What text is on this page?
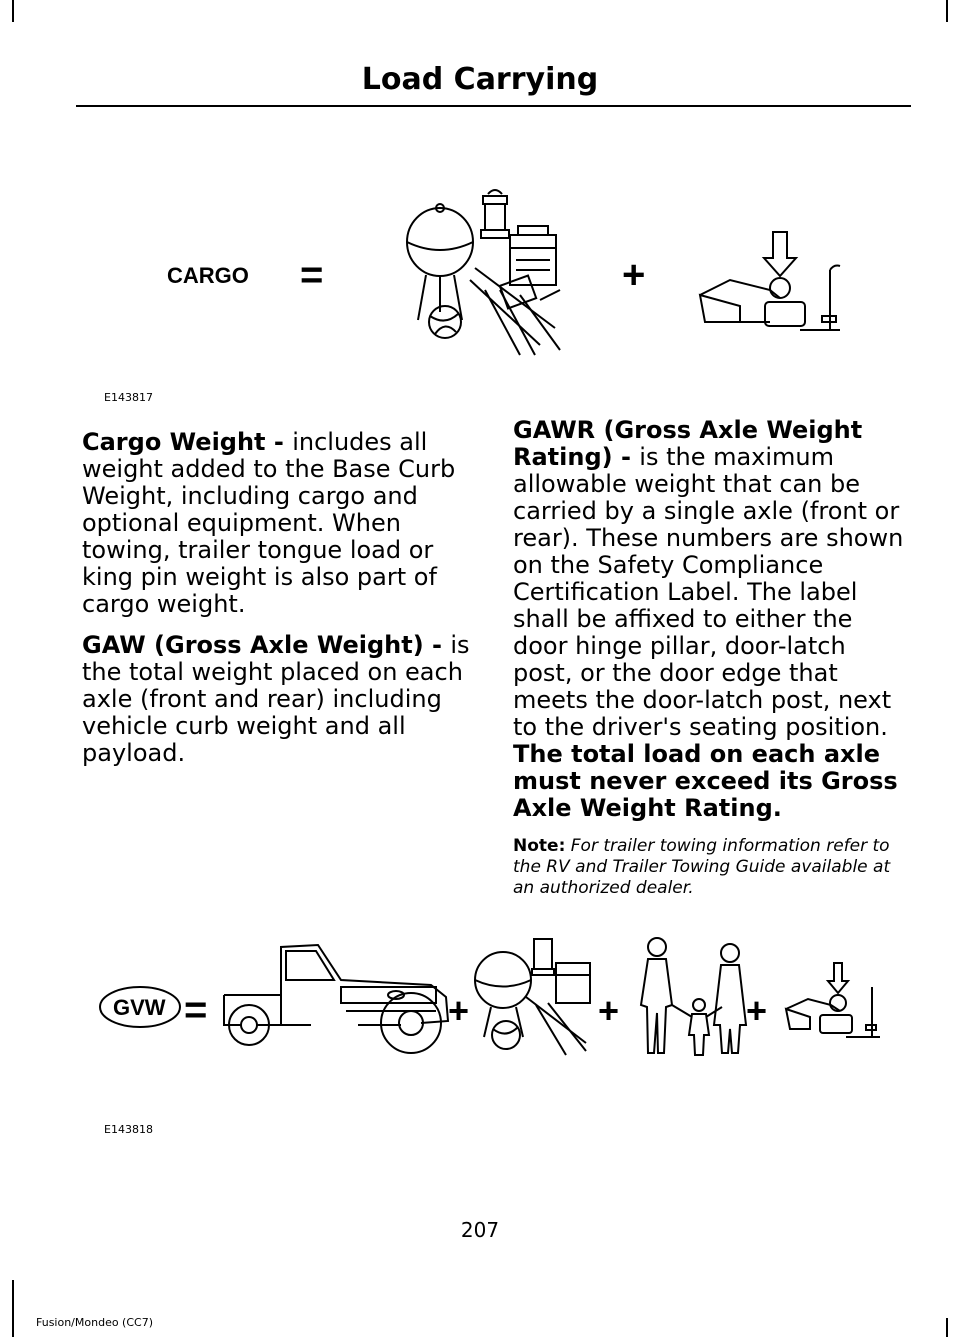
Load Carrying
CARGO =	+
E143817

Cargo Weight - includes all weight added to the Base Curb Weight, including cargo and optional equipment. When towing, trailer tongue load or king pin weight is also part of cargo weight.

GAW (Gross Axle Weight) - is the total weight placed on each axle (front and rear) including vehicle curb weight and all payload.

GAWR (Gross Axle Weight Rating) - is the maximum allowable weight that can be carried by a single axle (front or rear). These numbers are shown on the Safety Compliance Certification Label. The label shall be affixed to either the door hinge pillar, door-latch post, or the door edge that meets the door-latch post, next to the driver's seating position. The total load on each axle must never exceed its Gross Axle Weight Rating.

Note: For trailer towing information refer to the RV and Trailer Towing Guide available at an authorized dealer.

GVW =	+	+	+
E143818
207
Fusion/Mondeo (CC7)
